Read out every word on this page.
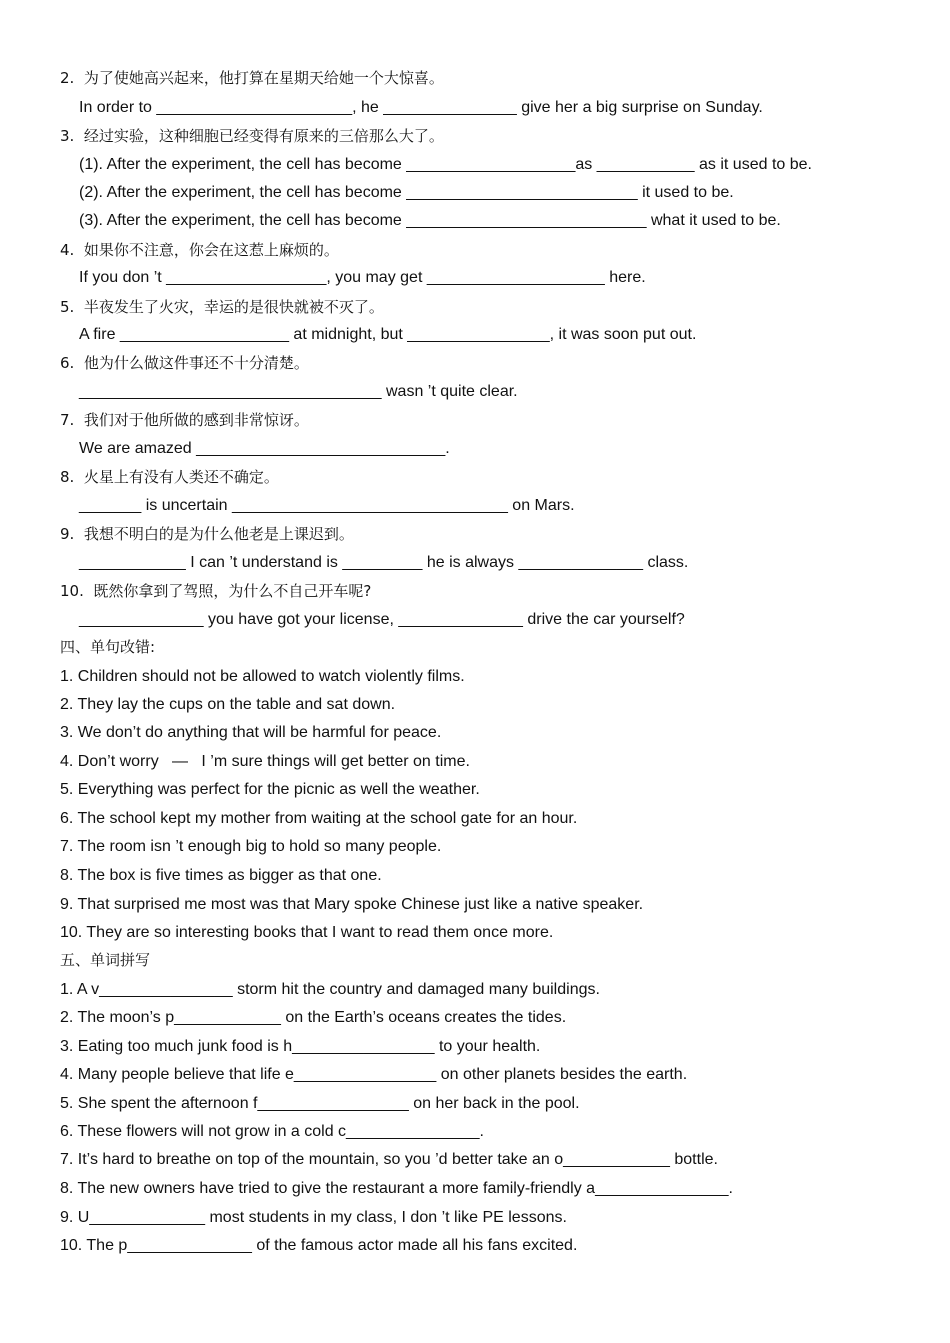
2.  为了使她高兴起来，他打算在星期天给她一个大惊喜。
In order to ______________________, he _______________ give her a big surprise on Sunday.
3.  经过实验，这种细胞已经变得有原来的三倍那么大了。
(1). After the experiment, the cell has become ___________________as ___________ as it used to be.
(2). After the experiment, the cell has become __________________________ it used to be.
(3). After the experiment, the cell has become ___________________________ what it used to be.
4.  如果你不注意，你会在这惹上麻烦的。
If you don ’t __________________, you may get ____________________ here.
5.  半夜发生了火灾，幸运的是很快就被不灭了。
A fire ___________________ at midnight, but ________________, it was soon put out.
6.  他为什么做这件事还不十分清楚。
__________________________________ wasn ’t quite clear.
7.  我们对于他所做的感到非常惊讶。
We are amazed ____________________________.
8.  火星上有没有人类还不确定。
_______ is uncertain _______________________________ on Mars.
9.  我想不明白的是为什么他老是上课迟到。
____________ I can ’t understand is _________ he is always ______________ class.
10.  既然你拿到了驾照，为什么不自己开车呢?
______________ you have got your license, ______________ drive the car yourself?
四、单句改错:
1. Children should not be allowed to watch violently films.
2. They lay the cups on the table and sat down.
3. We don’t do anything that will be harmful for peace.
4. Don’t worry   —   I ’m sure things will get better on time.
5. Everything was perfect for the picnic as well the weather.
6. The school kept my mother from waiting at the school gate for an hour.
7. The room isn ’t enough big to hold so many people.
8. The box is five times as bigger as that one.
9. That surprised me most was that Mary spoke Chinese just like a native speaker.
10. They are so interesting books that I want to read them once more.
五、单词拼写
1. A v_______________ storm hit the country and damaged many buildings.
2. The moon’s p____________ on the Earth’s oceans creates the tides.
3. Eating too much junk food is h________________ to your health.
4. Many people believe that life e________________ on other planets besides the earth.
5. She spent the afternoon f_________________ on her back in the pool.
6. These flowers will not grow in a cold c_______________.
7. It’s hard to breathe on top of the mountain, so you ’d better take an o____________ bottle.
8. The new owners have tried to give the restaurant a more family-friendly a_______________.
9. U_____________ most students in my class, I don ’t like PE lessons.
10. The p______________ of the famous actor made all his fans excited.
